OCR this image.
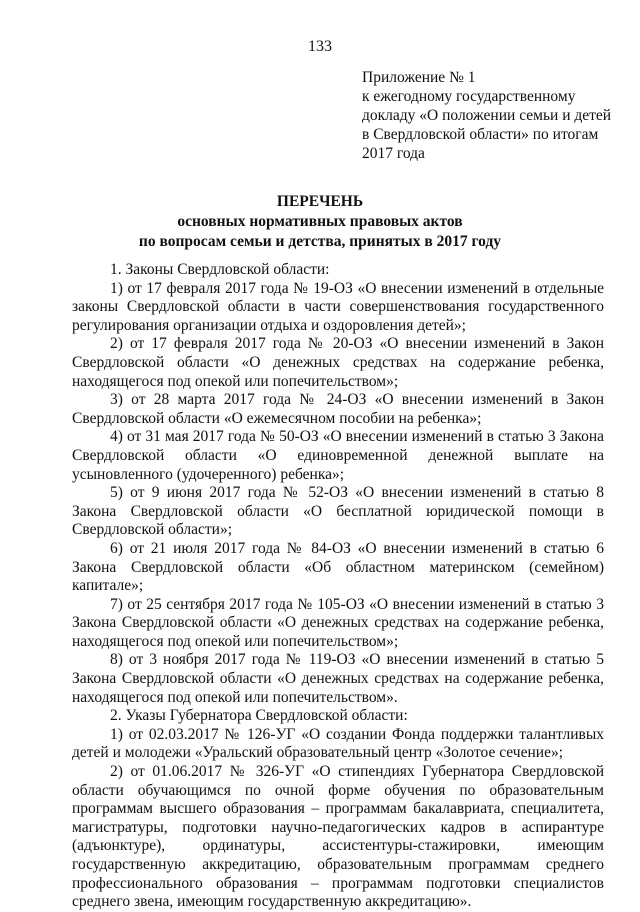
133
Приложение № 1
к ежегодному государственному
докладу «О положении семьи и детей
в Свердловской области» по итогам
2017 года
ПЕРЕЧЕНЬ
основных нормативных правовых актов
по вопросам семьи и детства, принятых в 2017 году

1. Законы Свердловской области:

1) от 17 февраля 2017 года № 19-ОЗ «О внесении изменений в отдельные законы Свердловской области в части совершенствования государственного регулирования организации отдыха и оздоровления детей»;

2) от 17 февраля 2017 года № 20-ОЗ «О внесении изменений в Закон Свердловской области «О денежных средствах на содержание ребенка, находящегося под опекой или попечительством»;

3) от 28 марта 2017 года № 24-ОЗ «О внесении изменений в Закон Свердловской области «О ежемесячном пособии на ребенка»;

4) от 31 мая 2017 года № 50-ОЗ «О внесении изменений в статью 3 Закона Свердловской области «О единовременной денежной выплате на усыновленного (удочеренного) ребенка»;

5) от 9 июня 2017 года № 52-ОЗ «О внесении изменений в статью 8 Закона Свердловской области «О бесплатной юридической помощи в Свердловской области»;

6) от 21 июля 2017 года № 84-ОЗ «О внесении изменений в статью 6 Закона Свердловской области «Об областном материнском (семейном) капитале»;

7) от 25 сентября 2017 года № 105-ОЗ «О внесении изменений в статью 3 Закона Свердловской области «О денежных средствах на содержание ребенка, находящегося под опекой или попечительством»;

8) от 3 ноября 2017 года № 119-ОЗ «О внесении изменений в статью 5 Закона Свердловской области «О денежных средствах на содержание ребенка, находящегося под опекой или попечительством».

2. Указы Губернатора Свердловской области:

1) от 02.03.2017 № 126-УГ «О создании Фонда поддержки талантливых детей и молодежи «Уральский образовательный центр «Золотое сечение»;

2) от 01.06.2017 № 326-УГ «О стипендиях Губернатора Свердловской области обучающимся по очной форме обучения по образовательным программам высшего образования – программам бакалавриата, специалитета, магистратуры, подготовки научно-педагогических кадров в аспирантуре (адъюнктуре), ординатуры, ассистентуры-стажировки, имеющим государственную аккредитацию, образовательным программам среднего профессионального образования – программам подготовки специалистов среднего звена, имеющим государственную аккредитацию».
